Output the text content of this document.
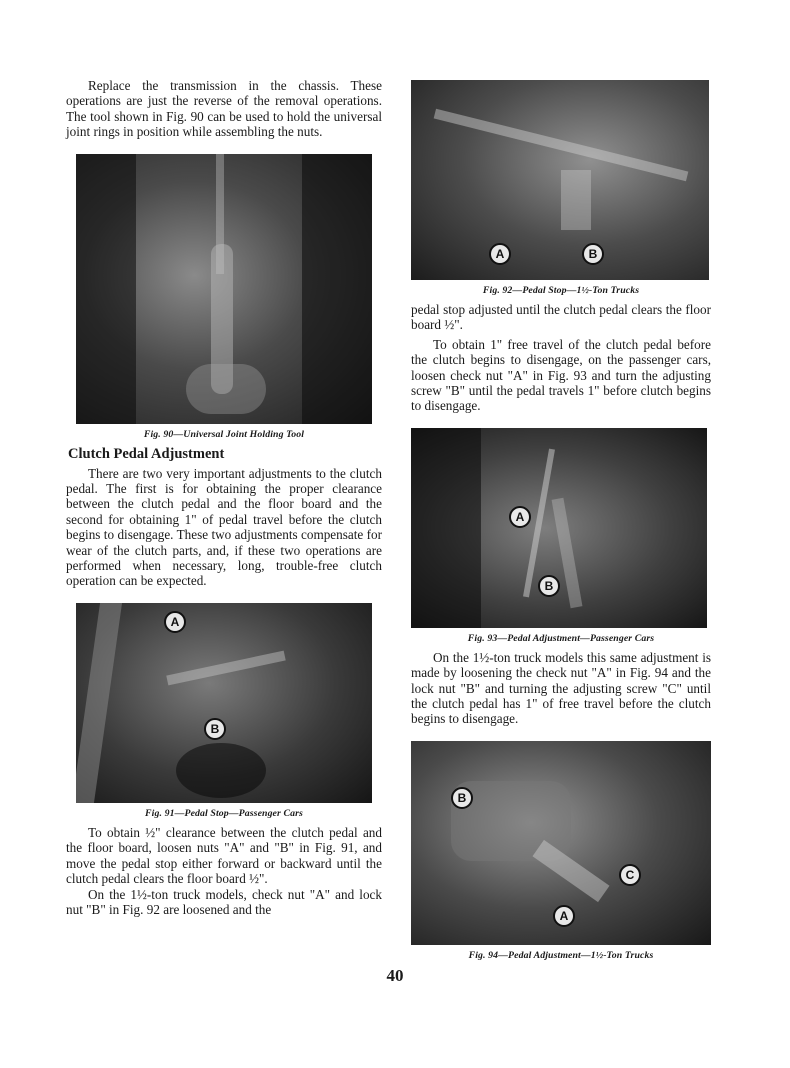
Replace the transmission in the chassis. These operations are just the reverse of the removal operations. The tool shown in Fig. 90 can be used to hold the universal joint rings in position while assembling the nuts.

Fig. 90—Universal Joint Holding Tool
Clutch Pedal Adjustment

There are two very important adjustments to the clutch pedal. The first is for obtaining the proper clearance between the clutch pedal and the floor board and the second for obtaining 1" of pedal travel before the clutch begins to disengage. These two adjustments compensate for wear of the clutch parts, and, if these two operations are performed when necessary, long, trouble-free clutch operation can be expected.

A
B
Fig. 91—Pedal Stop—Passenger Cars

To obtain ½" clearance between the clutch pedal and the floor board, loosen nuts "A" and "B" in Fig. 91, and move the pedal stop either forward or backward until the clutch pedal clears the floor board ½".

On the 1½-ton truck models, check nut "A" and lock nut "B" in Fig. 92 are loosened and the

A	B
Fig. 92—Pedal Stop—1½-Ton Trucks

pedal stop adjusted until the clutch pedal clears the floor board ½".

To obtain 1" free travel of the clutch pedal before the clutch begins to disengage, on the passenger cars, loosen check nut "A" in Fig. 93 and turn the adjusting screw "B" until the pedal travels 1" before clutch begins to disengage.

A
B
Fig. 93—Pedal Adjustment—Passenger Cars

On the 1½-ton truck models this same adjustment is made by loosening the check nut "A" in Fig. 94 and the lock nut "B" and turning the adjusting screw "C" until the clutch pedal has 1" of free travel before the clutch begins to disengage.

B
C
A
Fig. 94—Pedal Adjustment—1½-Ton Trucks
40
